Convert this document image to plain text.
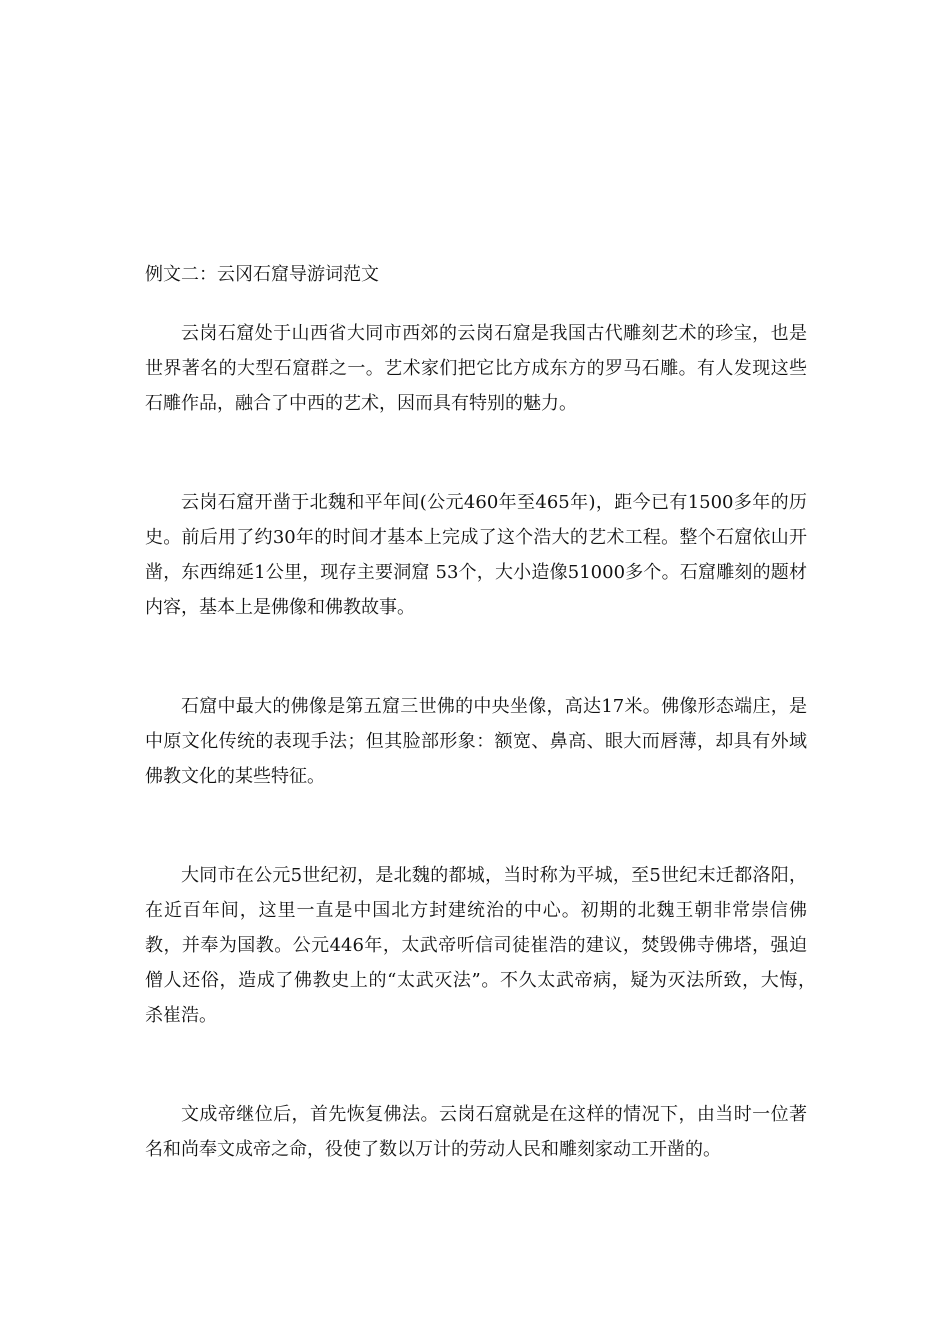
例文二：云冈石窟导游词范文

云岗石窟处于山西省大同市西郊的云岗石窟是我国古代雕刻艺术的珍宝，也是世界著名的大型石窟群之一。艺术家们把它比方成东方的罗马石雕。有人发现这些石雕作品，融合了中西的艺术，因而具有特别的魅力。

云岗石窟开凿于北魏和平年间(公元460年至465年)，距今已有1500多年的历史。前后用了约30年的时间才基本上完成了这个浩大的艺术工程。整个石窟依山开凿，东西绵延1公里，现存主要洞窟 53个，大小造像51000多个。石窟雕刻的题材内容，基本上是佛像和佛教故事。

石窟中最大的佛像是第五窟三世佛的中央坐像，高达17米。佛像形态端庄，是中原文化传统的表现手法；但其脸部形象：额宽、鼻高、眼大而唇薄，却具有外域佛教文化的某些特征。

大同市在公元5世纪初，是北魏的都城，当时称为平城，至5世纪末迁都洛阳，在近百年间，这里一直是中国北方封建统治的中心。初期的北魏王朝非常崇信佛教，并奉为国教。公元446年，太武帝听信司徒崔浩的建议，焚毁佛寺佛塔，强迫僧人还俗，造成了佛教史上的“太武灭法”。不久太武帝病，疑为灭法所致，大悔，　杀崔浩。

文成帝继位后，首先恢复佛法。云岗石窟就是在这样的情况下，由当时一位著名和尚奉文成帝之命，役使了数以万计的劳动人民和雕刻家动工开凿的。
